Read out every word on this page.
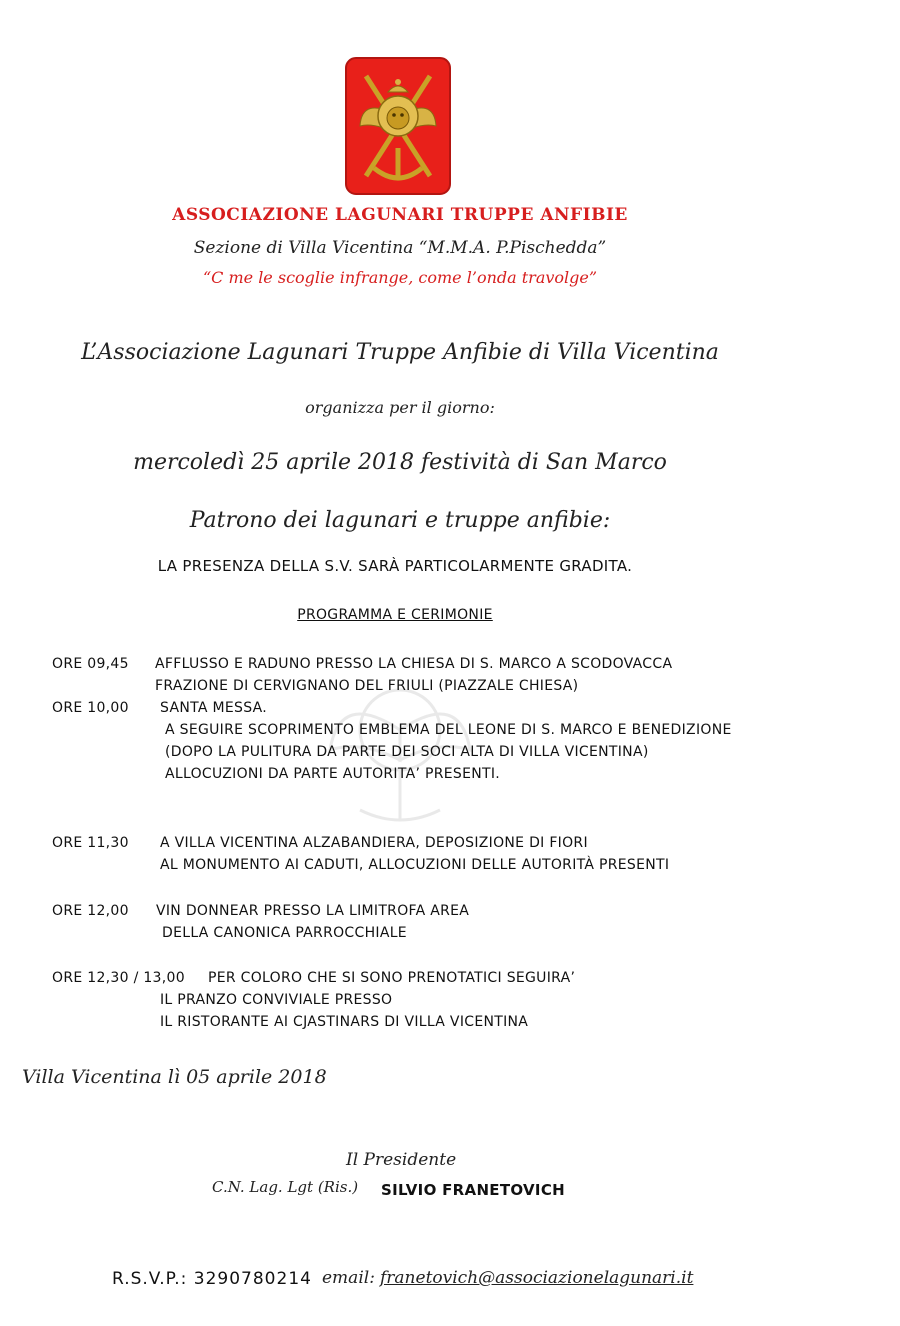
ASSOCIAZIONE LAGUNARI TRUPPE ANFIBIE
Sezione di Villa Vicentina “M.M.A. P.Pischedda”
“C me le scoglie infrange, come l’onda travolge”
L’Associazione Lagunari Truppe Anfibie di Villa Vicentina
organizza per il giorno:
mercoledì 25 aprile 2018 festività di San Marco
Patrono dei lagunari e truppe anfibie:
LA PRESENZA DELLA S.V. SARÀ PARTICOLARMENTE GRADITA.
PROGRAMMA E CERIMONIE
ORE 09,45 AFFLUSSO E RADUNO PRESSO LA CHIESA DI S. MARCO A SCODOVACCA
FRAZIONE DI CERVIGNANO DEL FRIULI (PIAZZALE CHIESA)
ORE 10,00 SANTA MESSA.
A SEGUIRE SCOPRIMENTO EMBLEMA DEL LEONE DI S. MARCO E BENEDIZIONE
(DOPO LA PULITURA DA PARTE DEI SOCI ALTA DI VILLA VICENTINA)
ALLOCUZIONI DA PARTE AUTORITA’ PRESENTI.
ORE 11,30 A VILLA VICENTINA ALZABANDIERA, DEPOSIZIONE DI FIORI
AL MONUMENTO AI CADUTI, ALLOCUZIONI DELLE AUTORITÀ PRESENTI
ORE 12,00 VIN DONNEAR PRESSO LA LIMITROFA AREA
DELLA CANONICA PARROCCHIALE
ORE 12,30 / 13,00 PER COLORO CHE SI SONO PRENOTATICI SEGUIRA’
IL PRANZO CONVIVIALE PRESSO
IL RISTORANTE AI CJASTINARS DI VILLA VICENTINA
Villa Vicentina lì 05 aprile 2018
Il Presidente
C.N. Lag. Lgt (Ris.) SILVIO FRANETOVICH
R.S.V.P.: 3290780214 email: franetovich@associazionelagunari.it
